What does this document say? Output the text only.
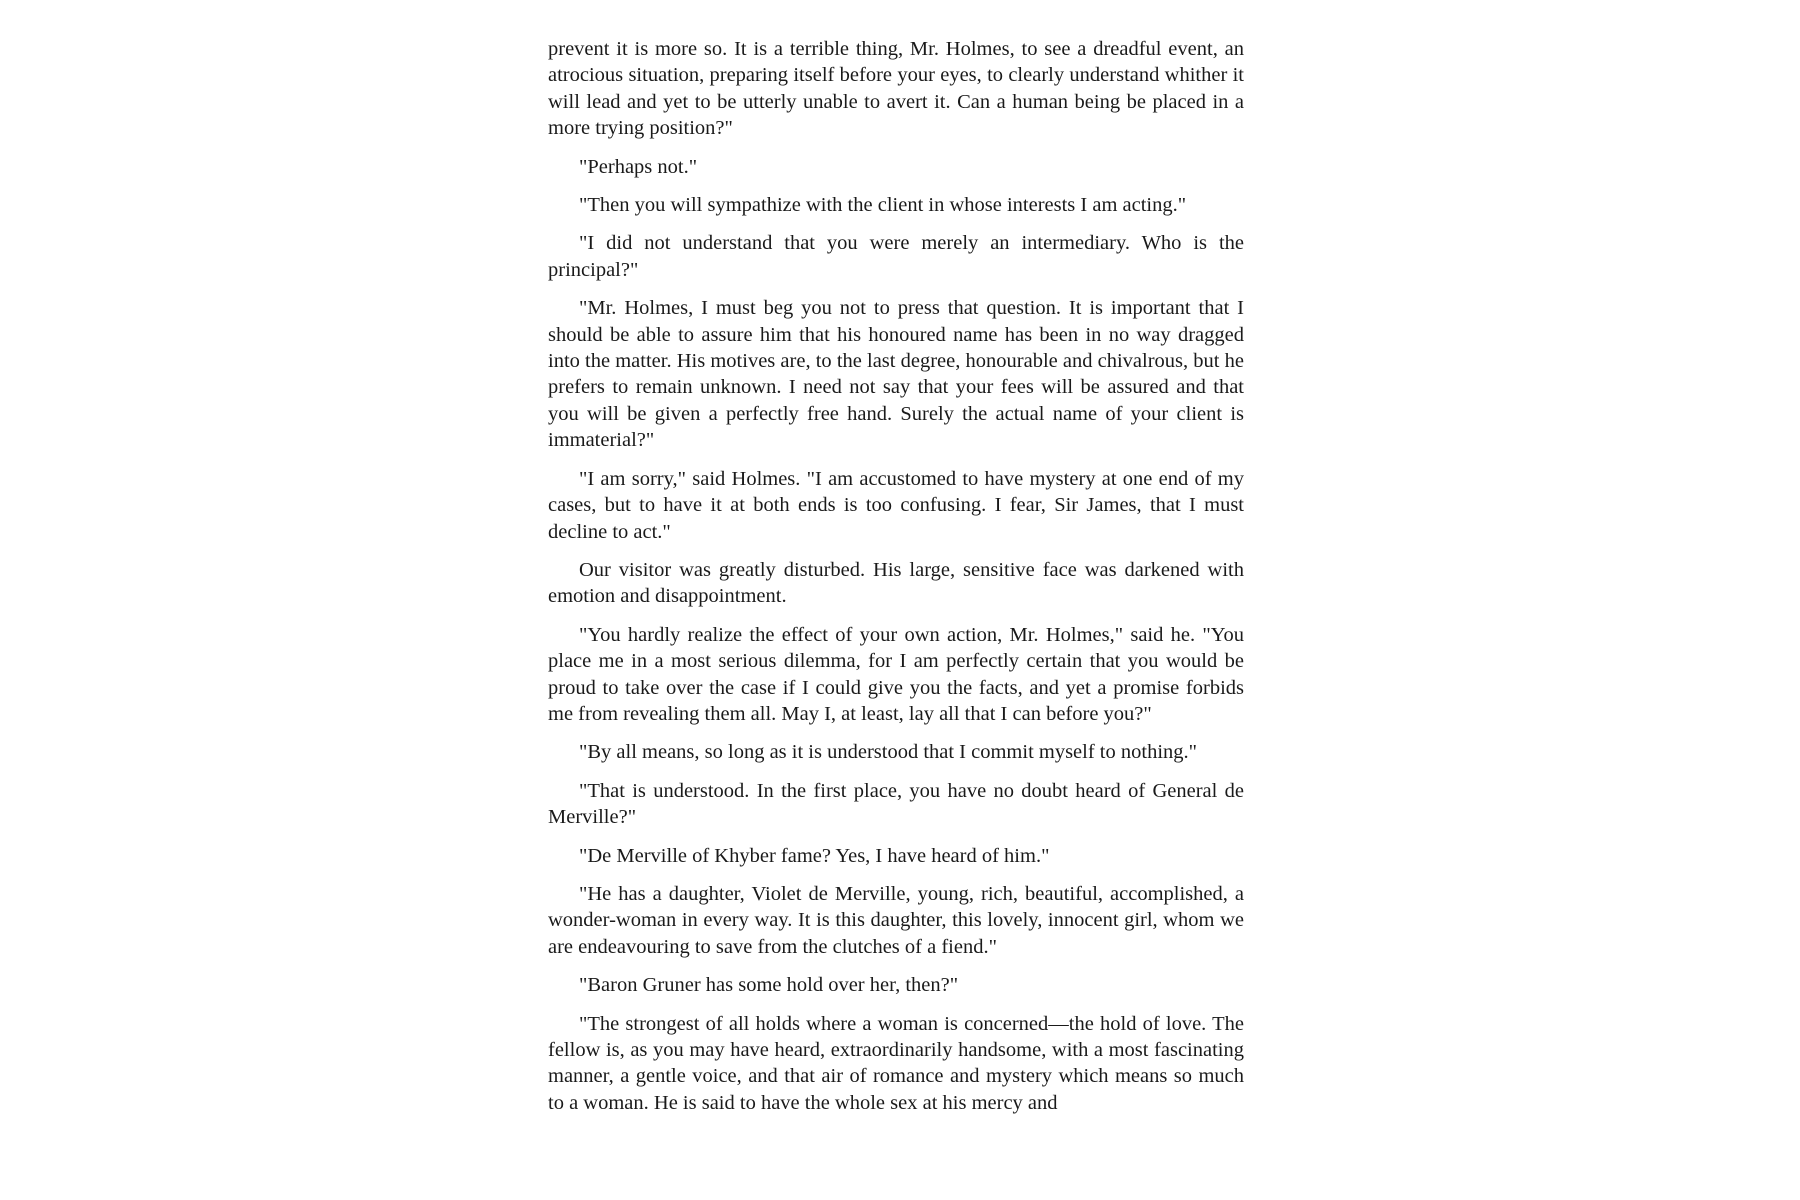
prevent it is more so. It is a terrible thing, Mr. Holmes, to see a dreadful event, an atrocious situation, preparing itself before your eyes, to clearly understand whither it will lead and yet to be utterly unable to avert it. Can a human being be placed in a more trying position?"

"Perhaps not."

"Then you will sympathize with the client in whose interests I am acting."

"I did not understand that you were merely an intermediary. Who is the principal?"

"Mr. Holmes, I must beg you not to press that question. It is important that I should be able to assure him that his honoured name has been in no way dragged into the matter. His motives are, to the last degree, honourable and chivalrous, but he prefers to remain unknown. I need not say that your fees will be assured and that you will be given a perfectly free hand. Surely the actual name of your client is immaterial?"

"I am sorry," said Holmes. "I am accustomed to have mystery at one end of my cases, but to have it at both ends is too confusing. I fear, Sir James, that I must decline to act."

Our visitor was greatly disturbed. His large, sensitive face was darkened with emotion and disappointment.

"You hardly realize the effect of your own action, Mr. Holmes," said he. "You place me in a most serious dilemma, for I am perfectly certain that you would be proud to take over the case if I could give you the facts, and yet a promise forbids me from revealing them all. May I, at least, lay all that I can before you?"

"By all means, so long as it is understood that I commit myself to nothing."

"That is understood. In the first place, you have no doubt heard of General de Merville?"

"De Merville of Khyber fame? Yes, I have heard of him."

"He has a daughter, Violet de Merville, young, rich, beautiful, accomplished, a wonder-woman in every way. It is this daughter, this lovely, innocent girl, whom we are endeavouring to save from the clutches of a fiend."

"Baron Gruner has some hold over her, then?"

"The strongest of all holds where a woman is concerned—the hold of love. The fellow is, as you may have heard, extraordinarily handsome, with a most fascinating manner, a gentle voice, and that air of romance and mystery which means so much to a woman. He is said to have the whole sex at his mercy and
